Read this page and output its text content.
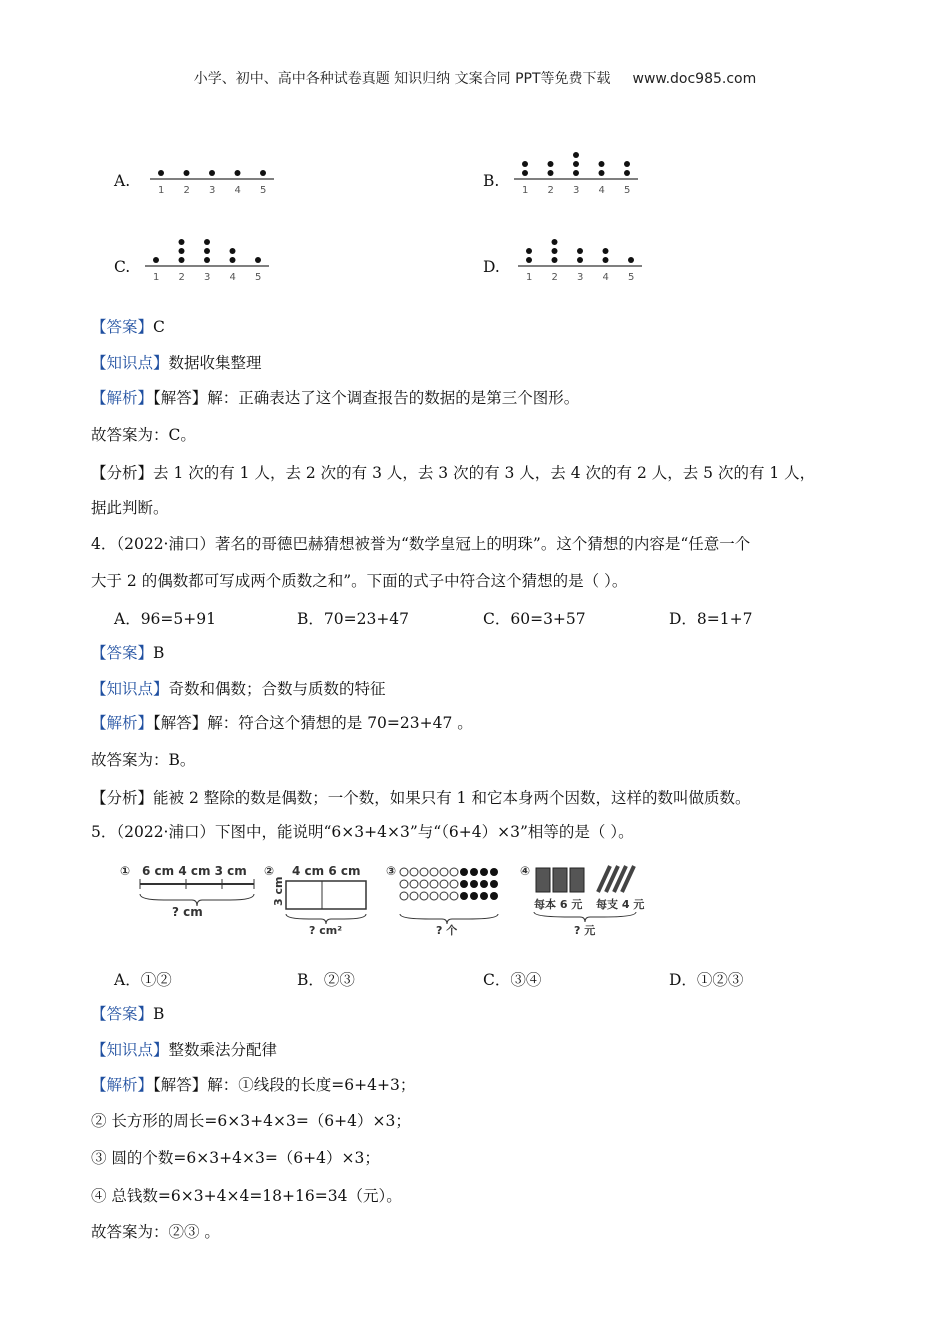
小学、初中、高中各种试卷真题 知识归纳 文案合同 PPT等免费下载 www.doc985.com
A.
1 2 3 4 5
B.
1 2 3 4 5
C.
1 2 3 4 5
D.
1 2 3 4 5
【答案】C
【知识点】数据收集整理
【解析】【解答】解：正确表达了这个调查报告的数据的是第三个图形。
故答案为：C。
【分析】去 1 次的有 1 人，去 2 次的有 3 人，去 3 次的有 3 人，去 4 次的有 2 人，去 5 次的有 1 人，
据此判断。
4．（2022·浦口）著名的哥德巴赫猜想被誉为“数学皇冠上的明珠”。这个猜想的内容是“任意一个
大于 2 的偶数都可写成两个质数之和”。下面的式子中符合这个猜想的是（ ）。
A．96=5+91	B．70=23+47	C．60=3+57	D．8=1+7
【答案】B
【知识点】奇数和偶数；合数与质数的特征
【解析】【解答】解：符合这个猜想的是 70=23+47 。
故答案为：B。
【分析】能被 2 整除的数是偶数；一个数，如果只有 1 和它本身两个因数，这样的数叫做质数。
5．（2022·浦口）下图中，能说明“6×3+4×3”与“（6+4）×3”相等的是（ ）。
① 6 cm 4 cm 3 cm
? cm
② 4 cm 6 cm
3 cm
? cm²
③
? 个
④
每本 6 元 每支 4 元
? 元
A．①②	B．②③	C．③④	D．①②③
【答案】B
【知识点】整数乘法分配律
【解析】【解答】解：①线段的长度=6+4+3；
② 长方形的周长=6×3+4×3=（6+4）×3；
③ 圆的个数=6×3+4×3=（6+4）×3；
④ 总钱数=6×3+4×4=18+16=34（元）。
故答案为：②③ 。
